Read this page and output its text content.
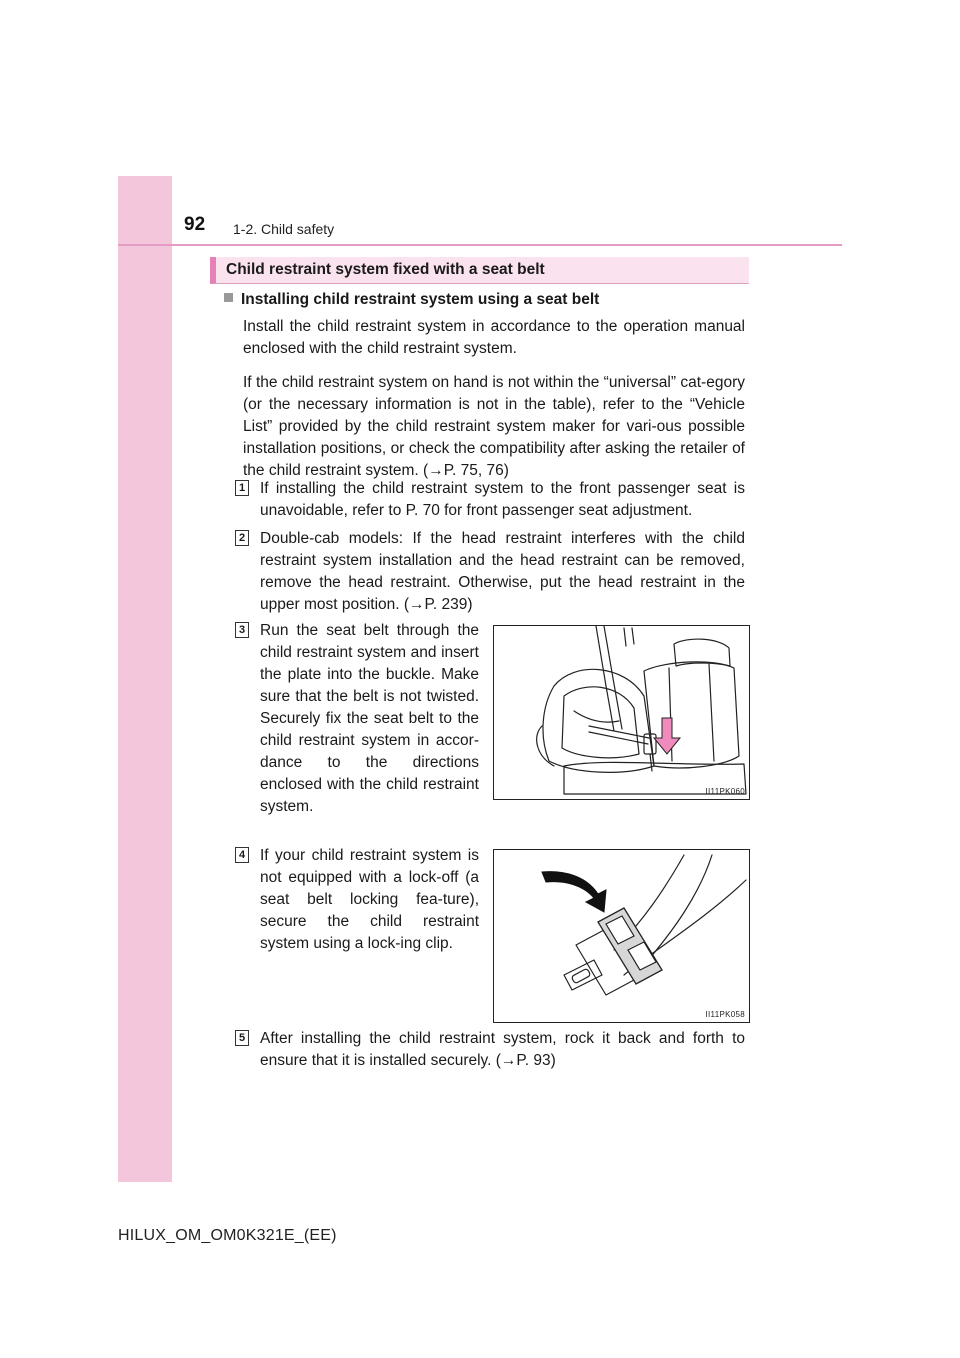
92 1-2. Child safety
Child restraint system fixed with a seat belt
Installing child restraint system using a seat belt
Install the child restraint system in accordance to the operation manual enclosed with the child restraint system.
If the child restraint system on hand is not within the “universal” cat-egory (or the necessary information is not in the table), refer to the “Vehicle List” provided by the child restraint system maker for vari-ous possible installation positions, or check the compatibility after asking the retailer of the child restraint system. (→P. 75, 76)
1 If installing the child restraint system to the front passenger seat is unavoidable, refer to P. 70 for front passenger seat adjustment.
2 Double-cab models: If the head restraint interferes with the child restraint system installation and the head restraint can be removed, remove the head restraint. Otherwise, put the head restraint in the upper most position. (→P. 239)
3 Run the seat belt through the child restraint system and insert the plate into the buckle. Make sure that the belt is not twisted. Securely fix the seat belt to the child restraint system in accor-dance to the directions enclosed with the child restraint system.
II11PK060
4 If your child restraint system is not equipped with a lock-off (a seat belt locking fea-ture), secure the child restraint system using a lock-ing clip.
II11PK058
5 After installing the child restraint system, rock it back and forth to ensure that it is installed securely. (→P. 93)
HILUX_OM_OM0K321E_(EE)
